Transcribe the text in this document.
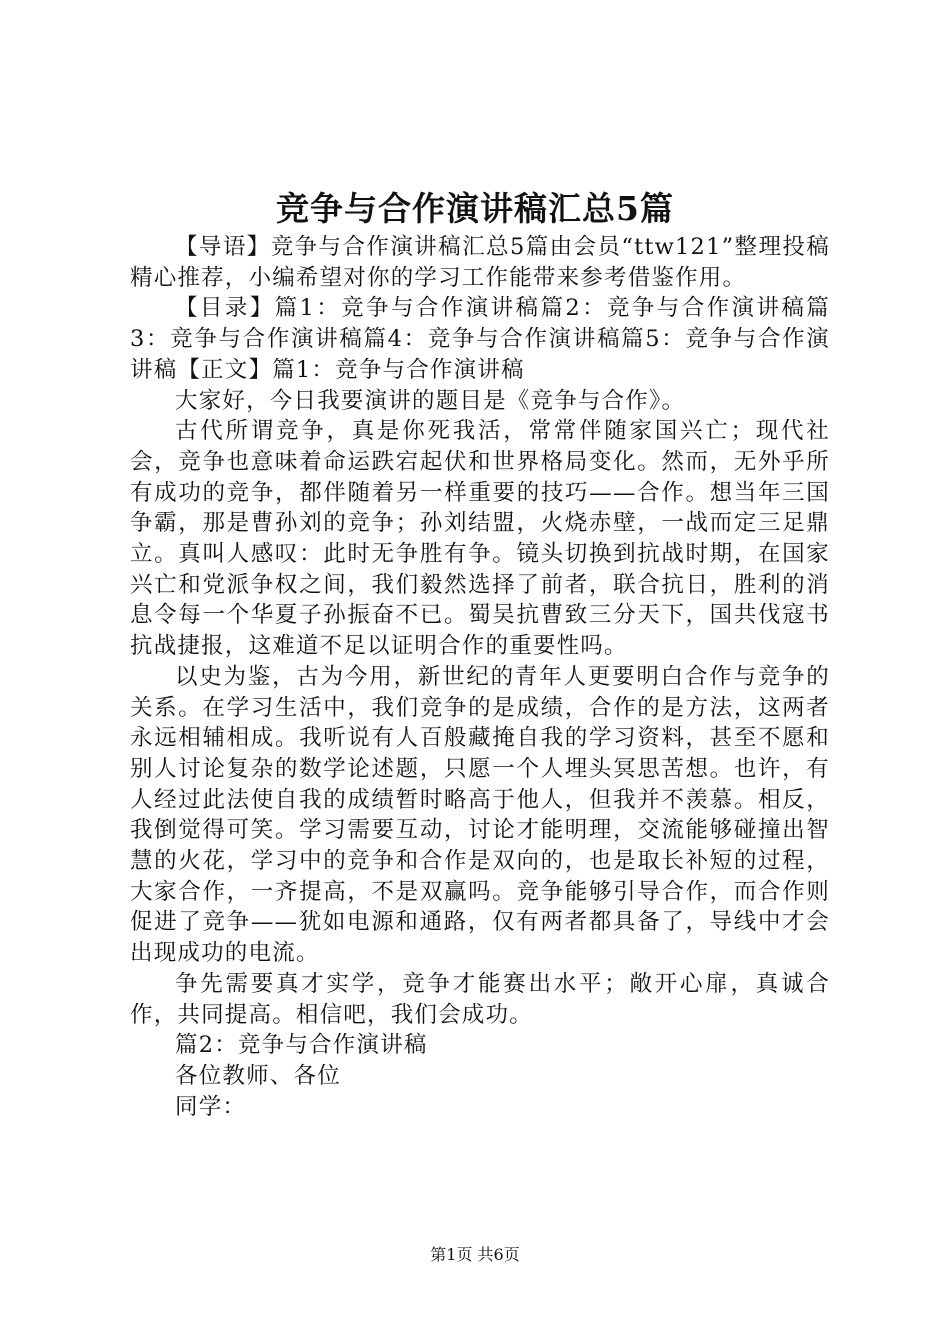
竞争与合作演讲稿汇总5篇

【导语】竞争与合作演讲稿汇总5篇由会员“ttw121”整理投稿精心推荐，小编希望对你的学习工作能带来参考借鉴作用。

【目录】篇1：竞争与合作演讲稿篇2：竞争与合作演讲稿篇3：竞争与合作演讲稿篇4：竞争与合作演讲稿篇5：竞争与合作演讲稿【正文】篇1：竞争与合作演讲稿

大家好，今日我要演讲的题目是《竞争与合作》。

古代所谓竞争，真是你死我活，常常伴随家国兴亡；现代社会，竞争也意味着命运跌宕起伏和世界格局变化。然而，无外乎所有成功的竞争，都伴随着另一样重要的技巧——合作。想当年三国争霸，那是曹孙刘的竞争；孙刘结盟，火烧赤壁，一战而定三足鼎立。真叫人感叹：此时无争胜有争。镜头切换到抗战时期，在国家兴亡和党派争权之间，我们毅然选择了前者，联合抗日，胜利的消息令每一个华夏子孙振奋不已。蜀吴抗曹致三分天下，国共伐寇书抗战捷报，这难道不足以证明合作的重要性吗。

以史为鉴，古为今用，新世纪的青年人更要明白合作与竞争的关系。在学习生活中，我们竞争的是成绩，合作的是方法，这两者永远相辅相成。我听说有人百般藏掩自我的学习资料，甚至不愿和别人讨论复杂的数学论述题，只愿一个人埋头冥思苦想。也许，有人经过此法使自我的成绩暂时略高于他人，但我并不羡慕。相反，我倒觉得可笑。学习需要互动，讨论才能明理，交流能够碰撞出智慧的火花，学习中的竞争和合作是双向的，也是取长补短的过程，大家合作，一齐提高，不是双赢吗。竞争能够引导合作，而合作则促进了竞争——犹如电源和通路，仅有两者都具备了，导线中才会出现成功的电流。

争先需要真才实学，竞争才能赛出水平；敞开心扉，真诚合作，共同提高。相信吧，我们会成功。

篇2：竞争与合作演讲稿

各位教师、各位

同学：

第1页 共6页
